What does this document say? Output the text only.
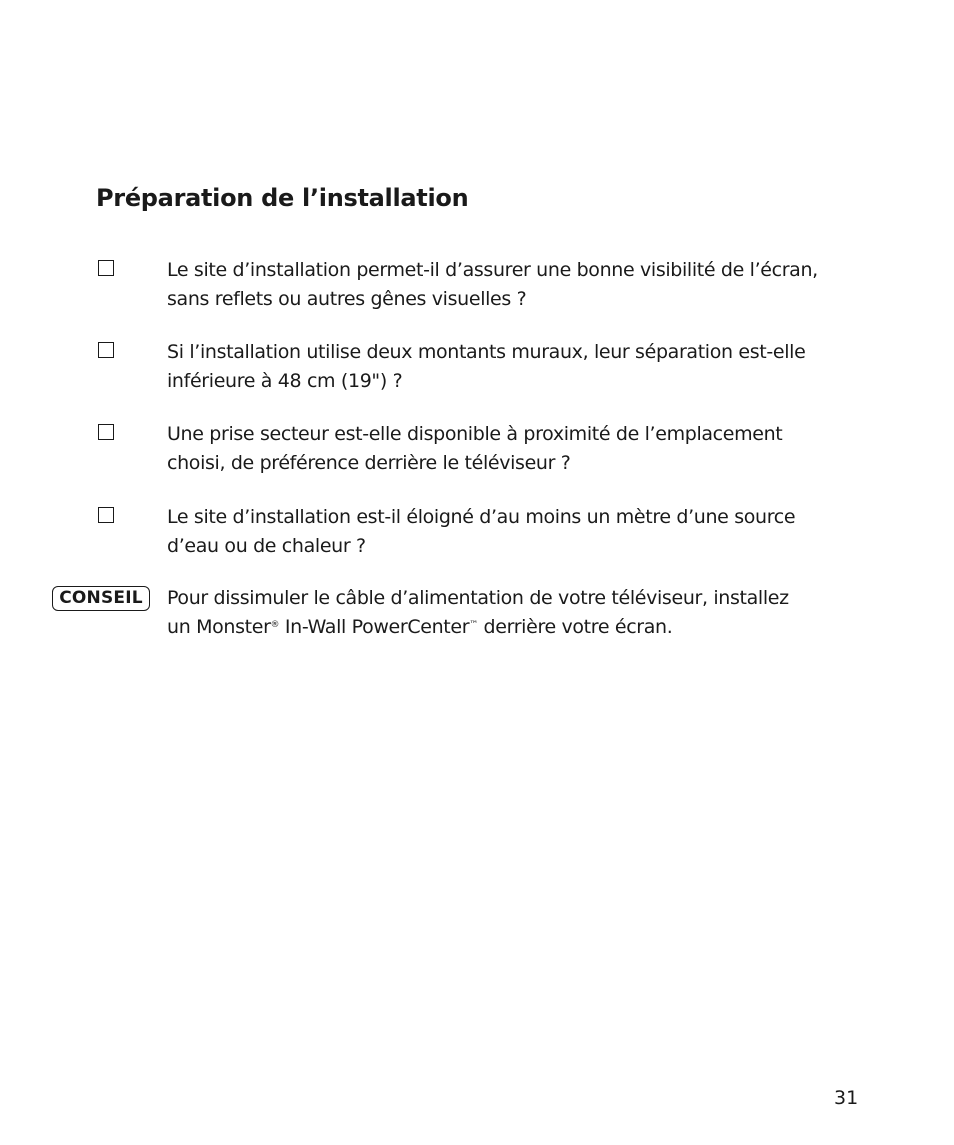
Préparation de l’installation
Le site d’installation permet-il d’assurer une bonne visibilité de l’écran,
sans reflets ou autres gênes visuelles ?
Si l’installation utilise deux montants muraux, leur séparation est-elle
inférieure à 48 cm (19") ?
Une prise secteur est-elle disponible à proximité de l’emplacement
choisi, de préférence derrière le téléviseur ?
Le site d’installation est-il éloigné d’au moins un mètre d’une source
d’eau ou de chaleur ?
CONSEIL	Pour dissimuler le câble d’alimentation de votre téléviseur, installez
un Monster® In-Wall PowerCenter™ derrière votre écran.
31
